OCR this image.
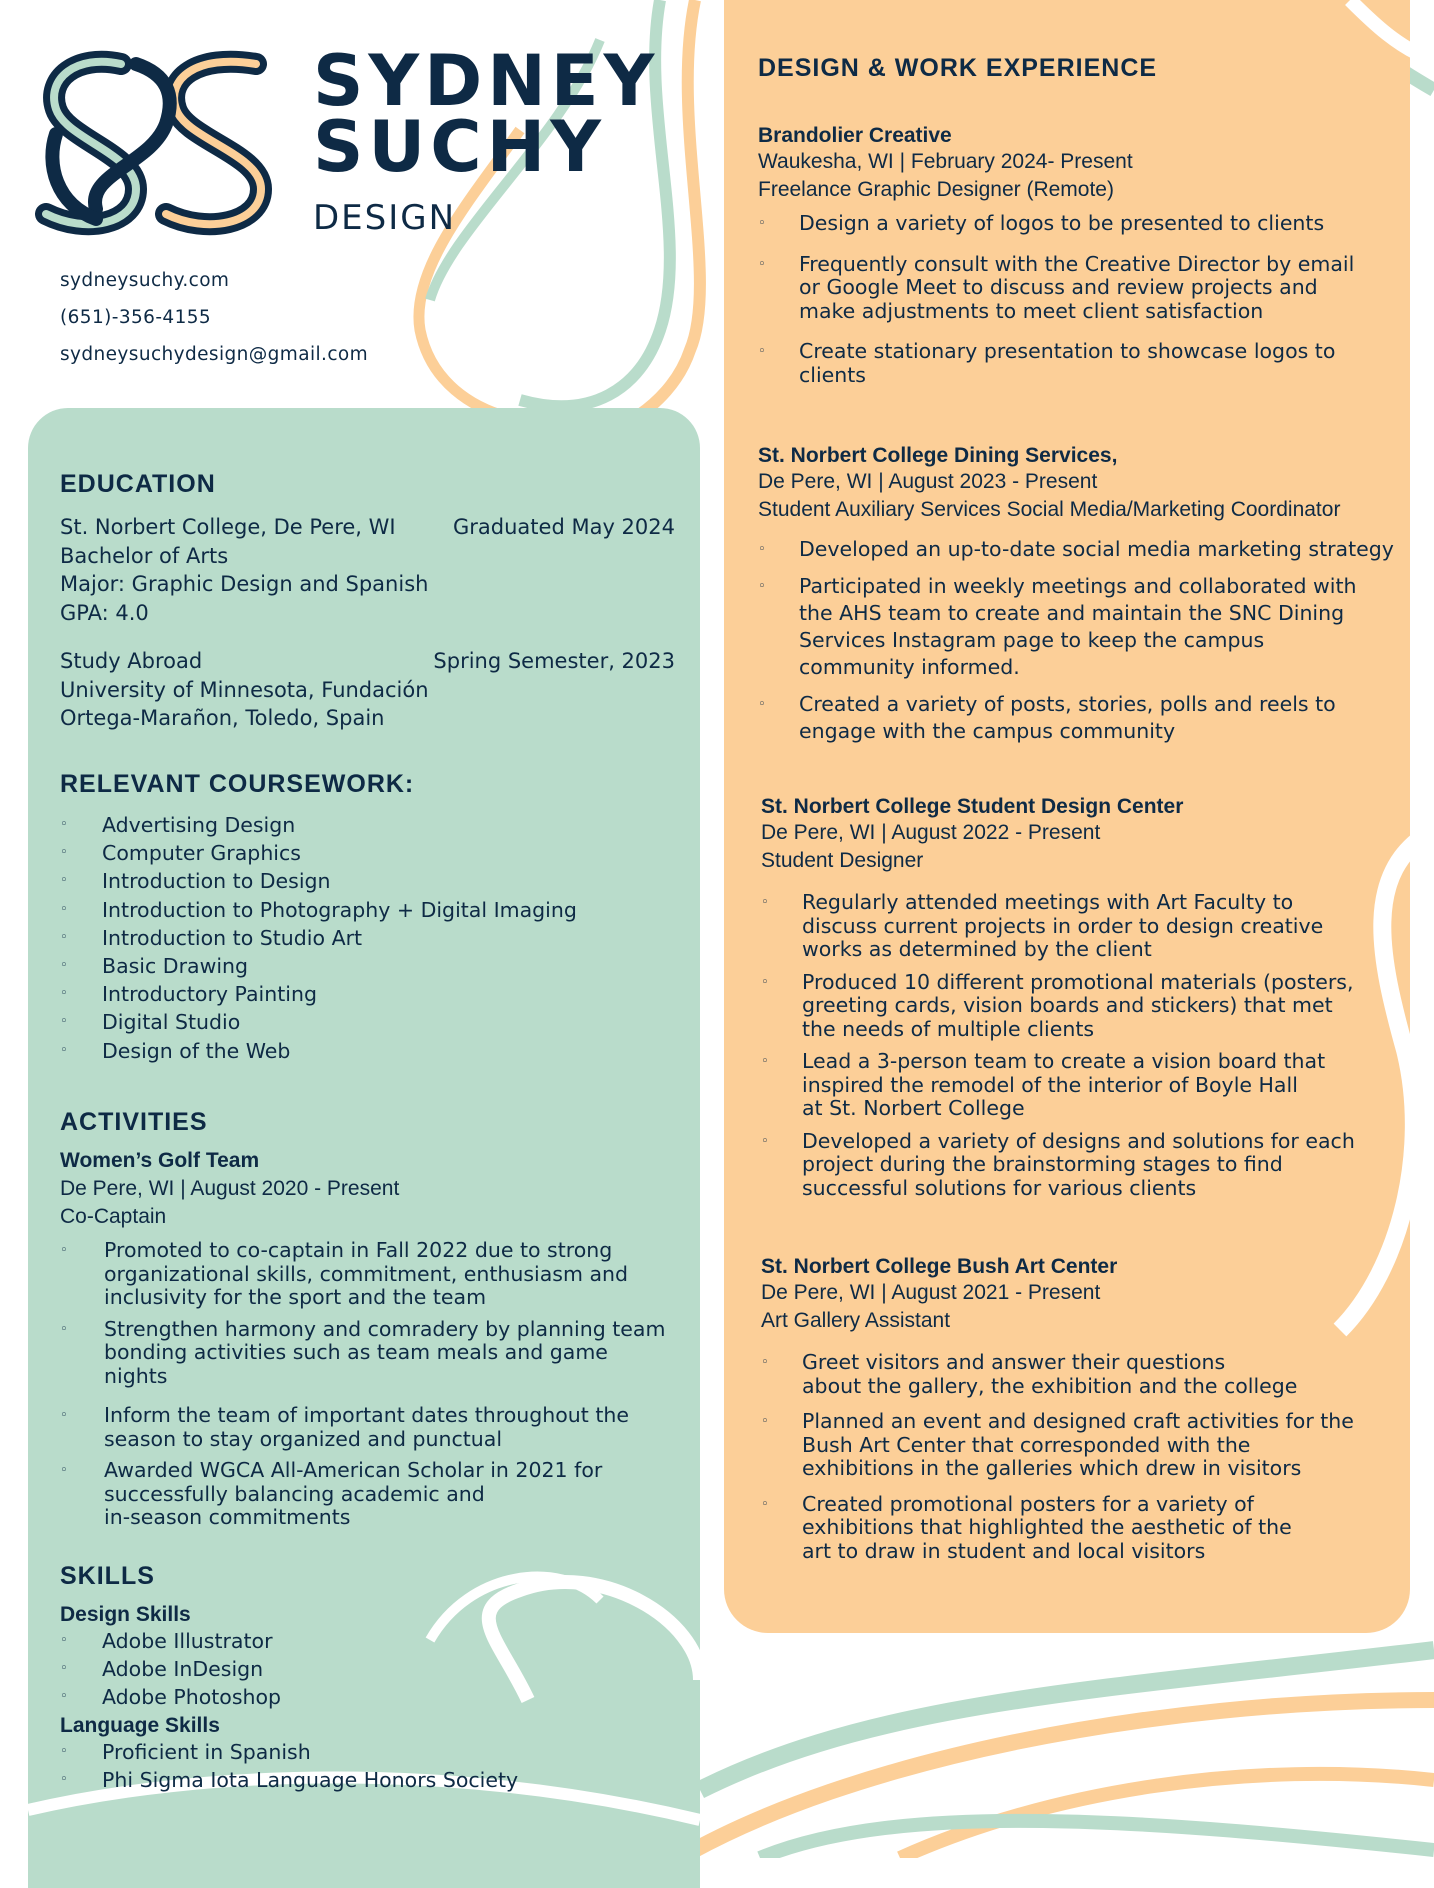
SYDNEY
SUCHY
DESIGN
sydneysuchy.com
(651)-356-4155
sydneysuchydesign@gmail.com
EDUCATION
St. Norbert College, De Pere, WI
Bachelor of Arts
Major: Graphic Design and Spanish
GPA: 4.0
Graduated May 2024
Study Abroad
University of Minnesota, Fundación
Ortega-Marañon, Toledo, Spain
Spring Semester, 2023
RELEVANT COURSEWORK:
◦ Advertising Design
◦ Computer Graphics
◦ Introduction to Design
◦ Introduction to Photography + Digital Imaging
◦ Introduction to Studio Art
◦ Basic Drawing
◦ Introductory Painting
◦ Digital Studio
◦ Design of the Web
ACTIVITIES
Women’s Golf Team
De Pere, WI | August 2020 - Present
Co-Captain
◦ Promoted to co-captain in Fall 2022 due to strong
organizational skills, commitment, enthusiasm and
inclusivity for the sport and the team
◦ Strengthen harmony and comradery by planning team
bonding activities such as team meals and game nights
◦ Inform the team of important dates throughout the
season to stay organized and punctual
◦ Awarded WGCA All-American Scholar in 2021 for
successfully balancing academic and
in-season commitments
SKILLS
Design Skills
◦ Adobe Illustrator
◦ Adobe InDesign
◦ Adobe Photoshop
Language Skills
◦ Proficient in Spanish
◦ Phi Sigma Iota Language Honors Society
DESIGN & WORK EXPERIENCE
Brandolier Creative
Waukesha, WI | February 2024- Present
Freelance Graphic Designer (Remote)
◦ Design a variety of logos to be presented to clients
◦ Frequently consult with the Creative Director by email
or Google Meet to discuss and review projects and
make adjustments to meet client satisfaction
◦ Create stationary presentation to showcase logos to
clients
St. Norbert College Dining Services,
De Pere, WI | August 2023 - Present
Student Auxiliary Services Social Media/Marketing Coordinator
◦ Developed an up-to-date social media marketing strategy
◦ Participated in weekly meetings and collaborated with
the AHS team to create and maintain the SNC Dining
Services Instagram page to keep the campus
community informed.
◦ Created a variety of posts, stories, polls and reels to
engage with the campus community
St. Norbert College Student Design Center
De Pere, WI | August 2022 - Present
Student Designer
◦ Regularly attended meetings with Art Faculty to
discuss current projects in order to design creative
works as determined by the client
◦ Produced 10 different promotional materials (posters,
greeting cards, vision boards and stickers) that met
the needs of multiple clients
◦ Lead a 3-person team to create a vision board that
inspired the remodel of the interior of Boyle Hall
at St. Norbert College
◦ Developed a variety of designs and solutions for each
project during the brainstorming stages to find
successful solutions for various clients
St. Norbert College Bush Art Center
De Pere, WI | August 2021 - Present
Art Gallery Assistant
◦ Greet visitors and answer their questions
about the gallery, the exhibition and the college
◦ Planned an event and designed craft activities for the
Bush Art Center that corresponded with the
exhibitions in the galleries which drew in visitors
◦ Created promotional posters for a variety of
exhibitions that highlighted the aesthetic of the
art to draw in student and local visitors
